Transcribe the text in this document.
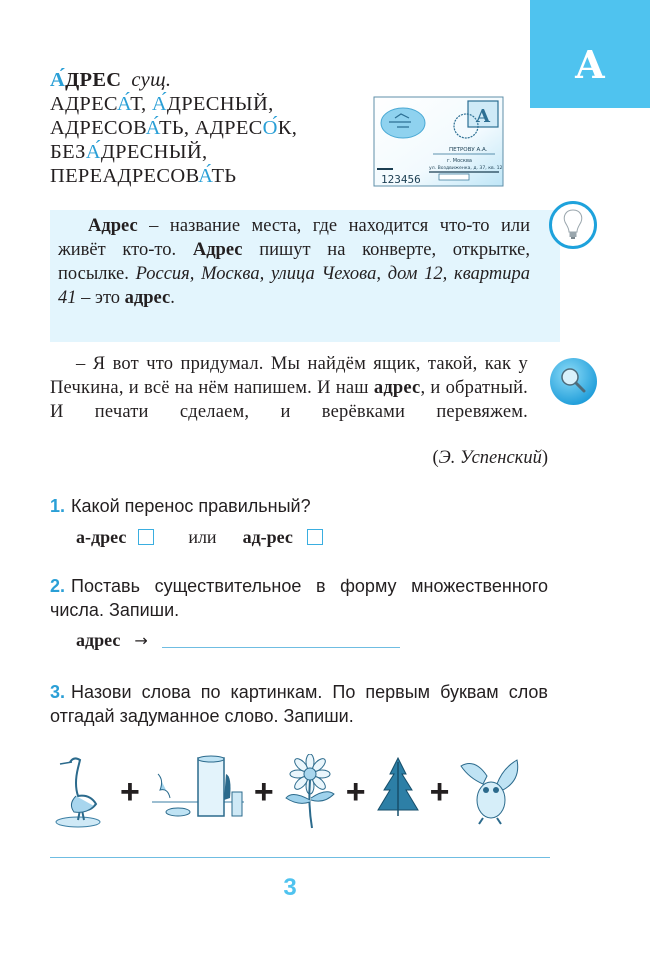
А
А́ДРЕС сущ.
АДРЕСА́Т, А́ДРЕСНЫЙ,
АДРЕСОВА́ТЬ, АДРЕСО́К,
БЕЗА́ДРЕСНЫЙ,
ПЕРЕАДРЕСОВА́ТЬ
A
ПЕТРОВУ А.А.
г. Москва
ул. Воздвиженка, д. 37, кв. 12
123456

Адрес – название места, где находится что-то или живёт кто-то. Адрес пишут на конверте, открытке, посылке. Россия, Москва, улица Чехова, дом 12, квартира 41 – это адрес.

– Я вот что придумал. Мы найдём ящик, такой, как у Печкина, и всё на нём напишем. И наш адрес, и обратный. И печати сделаем, и верёвками перевяжем.

(Э. Успенский)
1. Какой перенос правильный?
а-дрес	или ад-рес
2. Поставь существительное в форму множественного числа. Запиши.
адрес →
3. Назови слова по картинкам. По первым буквам слов отгадай задуманное слово. Запиши.
+	+ + +
3
